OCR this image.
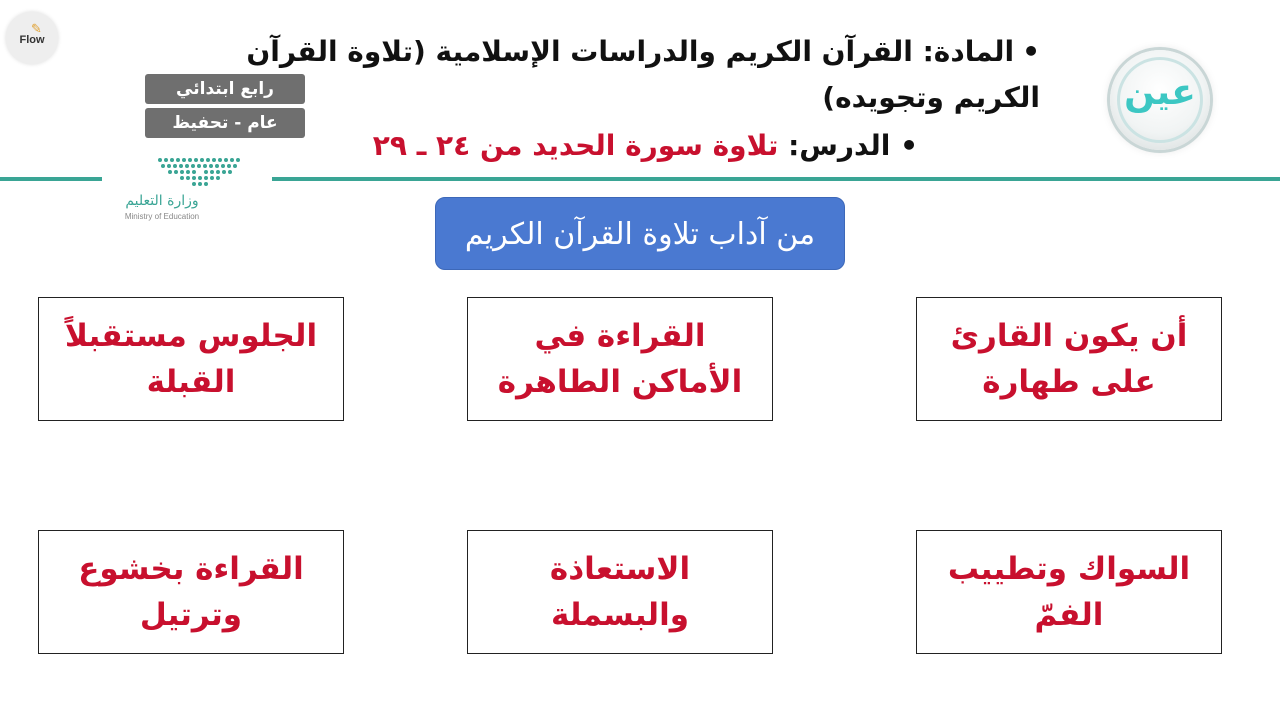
✎
Flow	•المادة: القرآن الكريم والدراسات الإسلامية (تلاوة القرآن الكريم وتجويده)
• الدرس: تلاوة سورة الحديد من ٢٤ ـ ٢٩
رابع ابتدائي
عام - تحفيظ
وزارة التعليم
Ministry of Education
عين
من آداب تلاوة القرآن الكريم
أن يكون القارئ على طهارة
القراءة في الأماكن الطاهرة
الجلوس مستقبلاً القبلة
السواك وتطييب الفمّ
الاستعاذة والبسملة
القراءة بخشوع وترتيل
